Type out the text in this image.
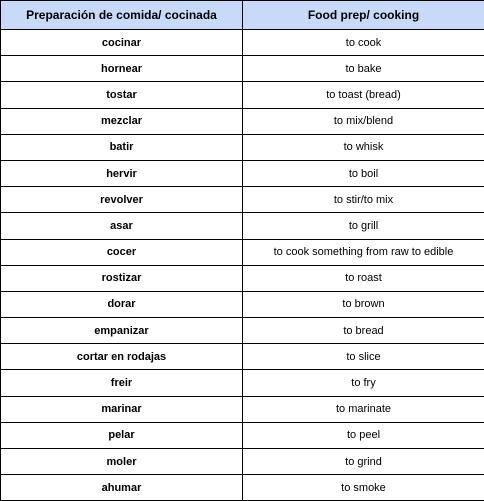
Preparación de comida/ cocinada	Food prep/ cooking
cocinar	to cook
hornear	to bake
tostar	to toast (bread)
mezclar	to mix/blend
batir	to whisk
hervir	to boil
revolver	to stir/to mix
asar	to grill
cocer	to cook something from raw to edible
rostizar	to roast
dorar	to brown
empanizar	to bread
cortar en rodajas	to slice
freir	to fry
marinar	to marinate
pelar	to peel
moler	to grind
ahumar	to smoke
